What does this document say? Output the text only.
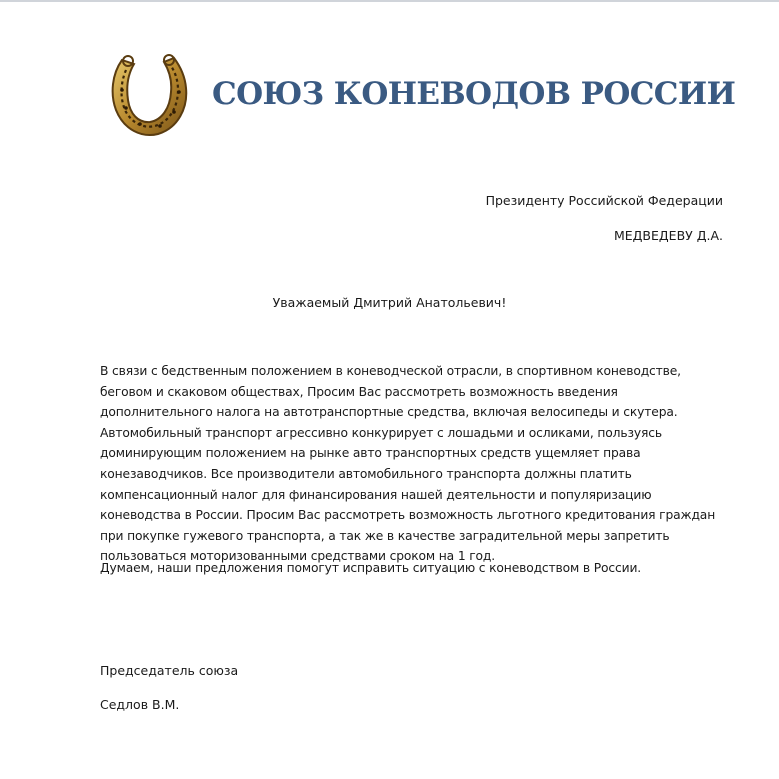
СОЮЗ КОНЕВОДОВ РОССИИ
Президенту Российской Федерации
МЕДВЕДЕВУ Д.А.
Уважаемый Дмитрий Анатольевич!

В связи с бедственным положением в коневодческой отрасли, в спортивном коневодстве, беговом и скаковом обществах, Просим Вас рассмотреть возможность введения дополнительного налога на автотранспортные средства, включая велосипеды и скутера. Автомобильный транспорт агрессивно конкурирует с лошадьми и осликами, пользуясь доминирующим положением на рынке авто транспортных средств ущемляет права конезаводчиков. Все производители автомобильного транспорта должны платить компенсационный налог для финансирования нашей деятельности и популяризацию коневодства в России. Просим Вас рассмотреть возможность льготного кредитования граждан при покупке гужевого транспорта, а так же в качестве заградительной меры запретить пользоваться моторизованными средствами сроком на 1 год.

Думаем, наши предложения помогут исправить ситуацию с коневодством в России.
Председатель союза
Седлов В.М.
